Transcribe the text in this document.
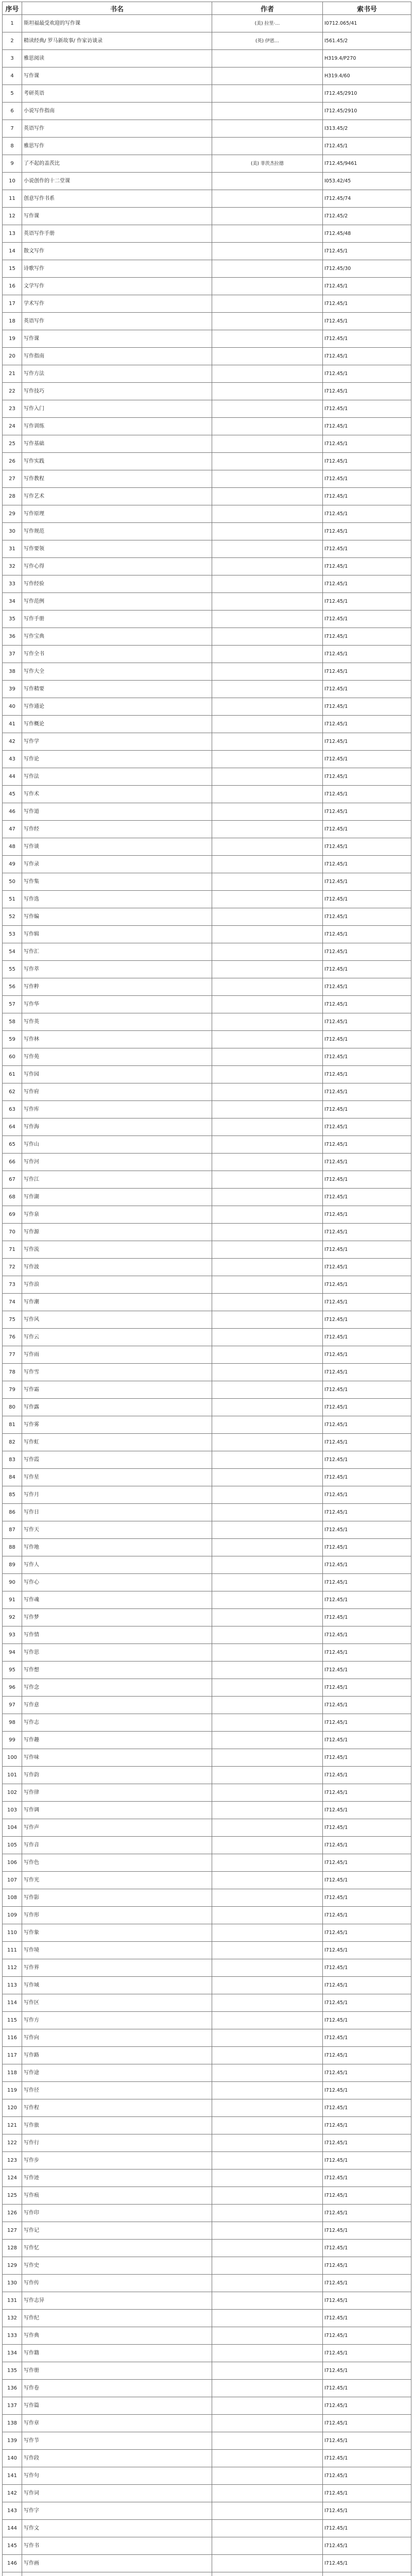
序号	书名	作者	索书号
1	斯坦福最受欢迎的写作课	(美) 拉里·…	I0712.065/41
2	精读经典/ 罗马新故事/ 作家访谈录	(英) 伊恩…	I561.45/2
3	雅思阅读		H319.4/P270
4	写作课		H319.4/60
5	考研英语		I712.45/2910
6	小说写作指南		I712.45/2910
7	英语写作		I313.45/2
8	雅思写作		I712.45/1
9	了不起的盖茨比	(美) 菲茨杰拉德	I712.45/9461
10	小说创作的十二堂课		I053.42/45
11	创意写作书系		I712.45/74
12	写作课		I712.45/2
13	英语写作手册		I712.45/48
14	散文写作		I712.45/1
15	诗歌写作		I712.45/30
16	文学写作		I712.45/1
17	学术写作		I712.45/1
18	英语写作		I712.45/1
19	写作课		I712.45/1
20	写作指南		I712.45/1
21	写作方法		I712.45/1
22	写作技巧		I712.45/1
23	写作入门		I712.45/1
24	写作训练		I712.45/1
25	写作基础		I712.45/1
26	写作实践		I712.45/1
27	写作教程		I712.45/1
28	写作艺术		I712.45/1
29	写作原理		I712.45/1
30	写作规范		I712.45/1
31	写作要领		I712.45/1
32	写作心得		I712.45/1
33	写作经验		I712.45/1
34	写作范例		I712.45/1
35	写作手册		I712.45/1
36	写作宝典		I712.45/1
37	写作全书		I712.45/1
38	写作大全		I712.45/1
39	写作精要		I712.45/1
40	写作通论		I712.45/1
41	写作概论		I712.45/1
42	写作学		I712.45/1
43	写作论		I712.45/1
44	写作法		I712.45/1
45	写作术		I712.45/1
46	写作道		I712.45/1
47	写作经		I712.45/1
48	写作谈		I712.45/1
49	写作录		I712.45/1
50	写作集		I712.45/1
51	写作选		I712.45/1
52	写作编		I712.45/1
53	写作辑		I712.45/1
54	写作汇		I712.45/1
55	写作萃		I712.45/1
56	写作粹		I712.45/1
57	写作华		I712.45/1
58	写作英		I712.45/1
59	写作林		I712.45/1
60	写作苑		I712.45/1
61	写作园		I712.45/1
62	写作府		I712.45/1
63	写作库		I712.45/1
64	写作海		I712.45/1
65	写作山		I712.45/1
66	写作河		I712.45/1
67	写作江		I712.45/1
68	写作湖		I712.45/1
69	写作泉		I712.45/1
70	写作源		I712.45/1
71	写作流		I712.45/1
72	写作波		I712.45/1
73	写作浪		I712.45/1
74	写作潮		I712.45/1
75	写作风		I712.45/1
76	写作云		I712.45/1
77	写作雨		I712.45/1
78	写作雪		I712.45/1
79	写作霜		I712.45/1
80	写作露		I712.45/1
81	写作雾		I712.45/1
82	写作虹		I712.45/1
83	写作霞		I712.45/1
84	写作星		I712.45/1
85	写作月		I712.45/1
86	写作日		I712.45/1
87	写作天		I712.45/1
88	写作地		I712.45/1
89	写作人		I712.45/1
90	写作心		I712.45/1
91	写作魂		I712.45/1
92	写作梦		I712.45/1
93	写作情		I712.45/1
94	写作思		I712.45/1
95	写作想		I712.45/1
96	写作念		I712.45/1
97	写作意		I712.45/1
98	写作志		I712.45/1
99	写作趣		I712.45/1
100	写作味		I712.45/1
101	写作韵		I712.45/1
102	写作律		I712.45/1
103	写作调		I712.45/1
104	写作声		I712.45/1
105	写作音		I712.45/1
106	写作色		I712.45/1
107	写作光		I712.45/1
108	写作影		I712.45/1
109	写作形		I712.45/1
110	写作象		I712.45/1
111	写作境		I712.45/1
112	写作界		I712.45/1
113	写作域		I712.45/1
114	写作区		I712.45/1
115	写作方		I712.45/1
116	写作向		I712.45/1
117	写作路		I712.45/1
118	写作途		I712.45/1
119	写作径		I712.45/1
120	写作程		I712.45/1
121	写作旅		I712.45/1
122	写作行		I712.45/1
123	写作步		I712.45/1
124	写作迹		I712.45/1
125	写作痕		I712.45/1
126	写作印		I712.45/1
127	写作记		I712.45/1
128	写作忆		I712.45/1
129	写作史		I712.45/1
130	写作传		I712.45/1
131	写作志异		I712.45/1
132	写作纪		I712.45/1
133	写作典		I712.45/1
134	写作籍		I712.45/1
135	写作册		I712.45/1
136	写作卷		I712.45/1
137	写作篇		I712.45/1
138	写作章		I712.45/1
139	写作节		I712.45/1
140	写作段		I712.45/1
141	写作句		I712.45/1
142	写作词		I712.45/1
143	写作字		I712.45/1
144	写作文		I712.45/1
145	写作书		I712.45/1
146	写作画		I712.45/1
